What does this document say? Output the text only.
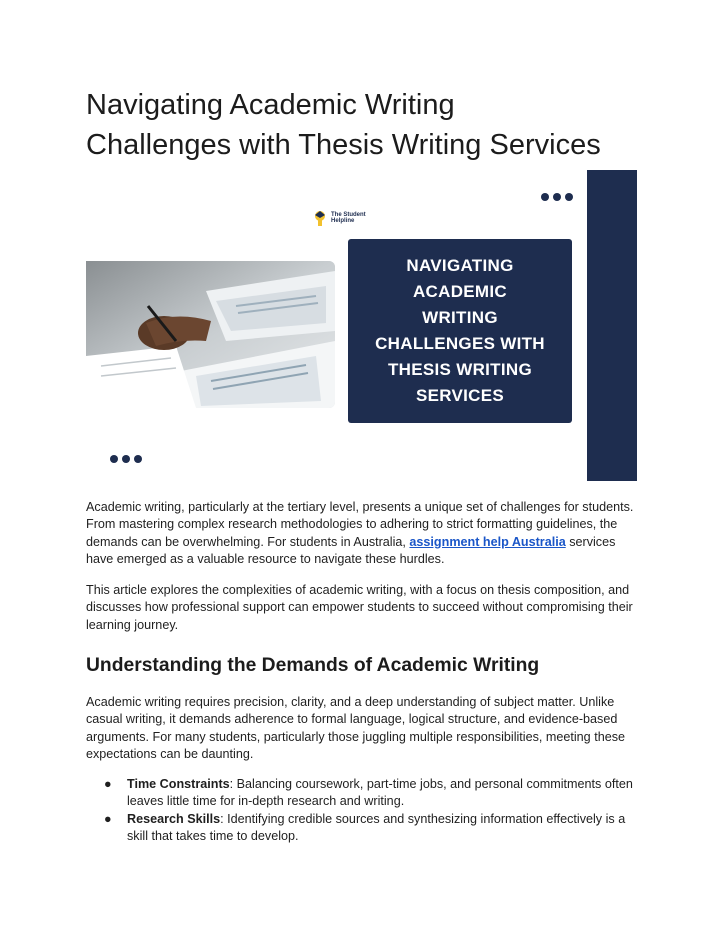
Navigating Academic Writing
Challenges with Thesis Writing Services
The Student
Helpline
NAVIGATING
ACADEMIC
WRITING
CHALLENGES WITH
THESIS WRITING
SERVICES

Academic writing, particularly at the tertiary level, presents a unique set of challenges for students. From mastering complex research methodologies to adhering to strict formatting guidelines, the demands can be overwhelming. For students in Australia, assignment help Australia services have emerged as a valuable resource to navigate these hurdles.

This article explores the complexities of academic writing, with a focus on thesis composition, and discusses how professional support can empower students to succeed without compromising their learning journey.

Understanding the Demands of Academic Writing

Academic writing requires precision, clarity, and a deep understanding of subject matter. Unlike casual writing, it demands adherence to formal language, logical structure, and evidence-based arguments. For many students, particularly those juggling multiple responsibilities, meeting these expectations can be daunting.

● Time Constraints: Balancing coursework, part-time jobs, and personal commitments often leaves little time for in-depth research and writing.
● Research Skills: Identifying credible sources and synthesizing information effectively is a skill that takes time to develop.
